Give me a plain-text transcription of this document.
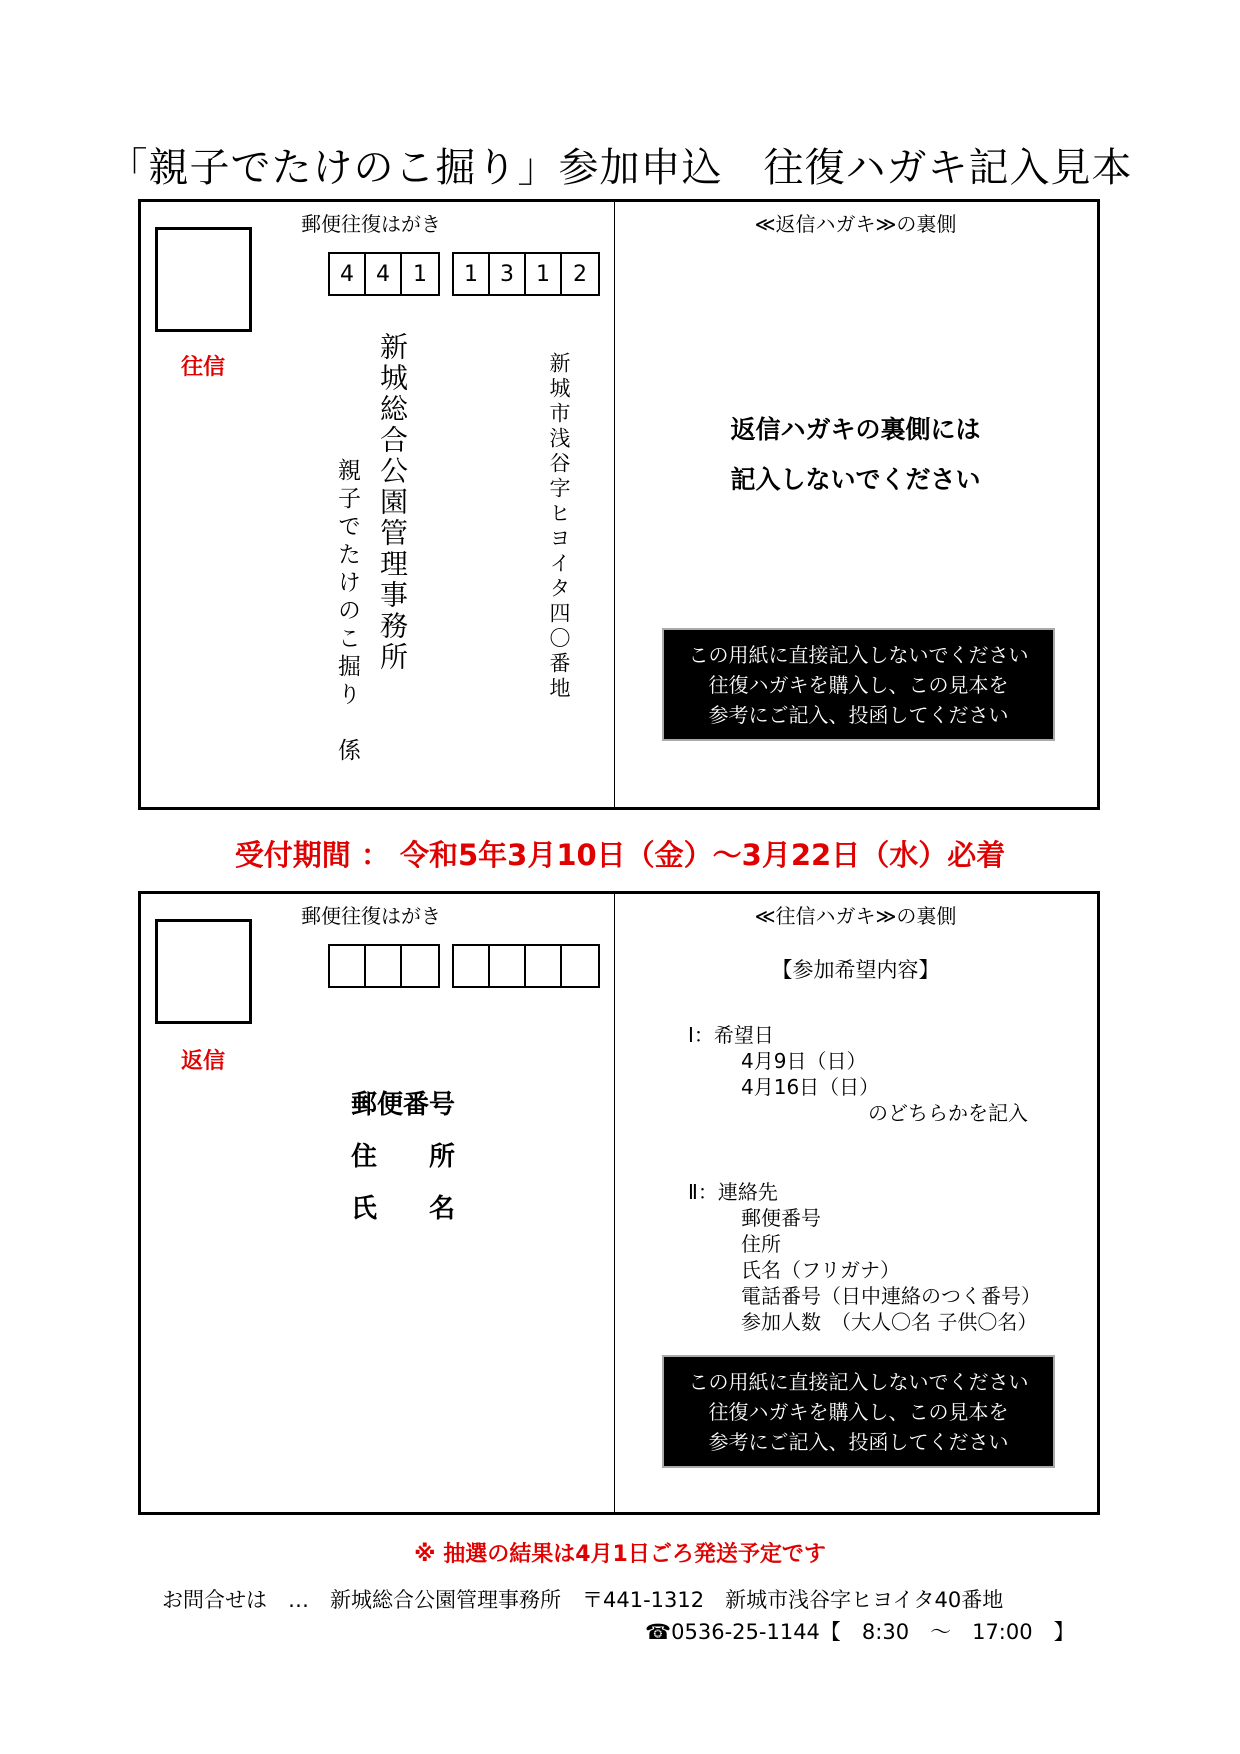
「親子でたけのこ掘り」参加申込　往復ハガキ記入見本
郵便往復はがき	≪返信ハガキ≫の裏側
往信
4	4	1	1	3	1	2
新城総合公園管理事務所
親子でたけのこ掘り　係	新城市浅谷字ヒヨイタ四〇番地	返信ハガキの裏側には
記入しないでください
この用紙に直接記入しないでください
往復ハガキを購入し、この見本を
参考にご記入、投函してください
受付期間 ： 令和5年3月10日（金）～3月22日（水）必着
郵便往復はがき	≪往信ハガキ≫の裏側
返信
郵便番号
住所
氏名
【参加希望内容】
Ⅰ：希望日
4月9日（日）
4月16日（日）
のどちらかを記入
Ⅱ：連絡先
郵便番号
住所
氏名（フリガナ）
電話番号（日中連絡のつく番号）
参加人数　（大人〇名 子供〇名）
この用紙に直接記入しないでください
往復ハガキを購入し、この見本を
参考にご記入、投函してください
※ 抽選の結果は4月1日ごろ発送予定です
お問合せは　…　新城総合公園管理事務所　〒441-1312　新城市浅谷字ヒヨイタ40番地
☎0536-25-1144【　8:30　～　17:00　】
